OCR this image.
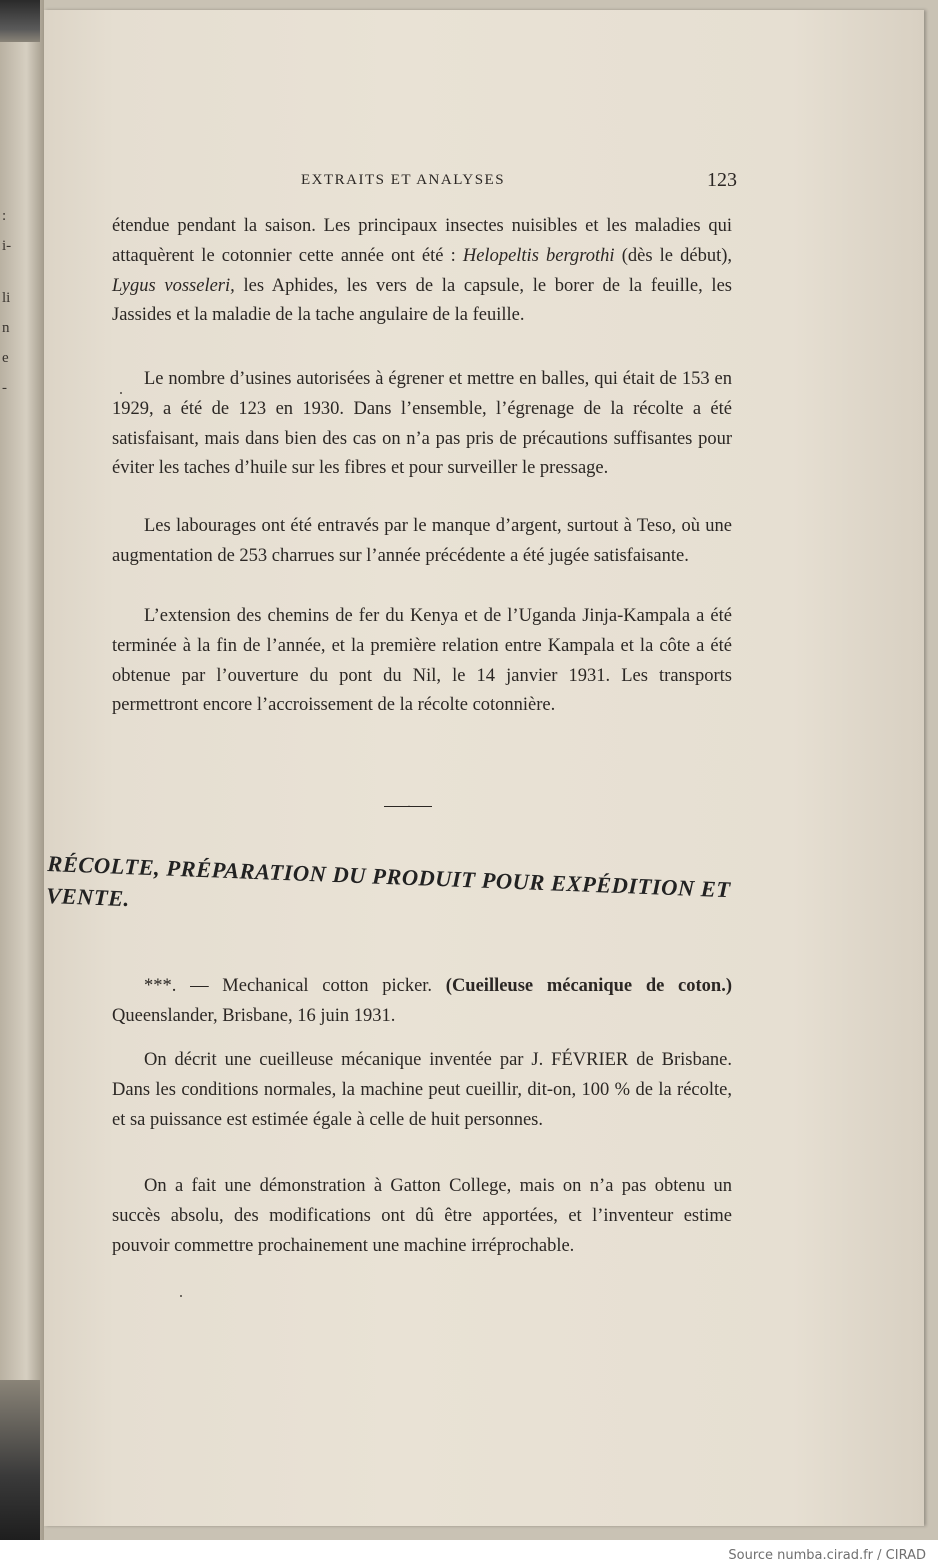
:
i-
li
n
e
-
EXTRAITS ET ANALYSES	123

étendue pendant la saison. Les principaux insectes nuisibles et les maladies qui attaquèrent le cotonnier cette année ont été : Helopeltis bergrothi (dès le début), Lygus vosseleri, les Aphides, les vers de la capsule, le borer de la feuille, les Jassides et la maladie de la tache angulaire de la feuille.

Le nombre d’usines autorisées à égrener et mettre en balles, qui était de 153 en 1929, a été de 123 en 1930. Dans l’ensemble, l’égrenage de la récolte a été satisfaisant, mais dans bien des cas on n’a pas pris de précautions suffisantes pour éviter les taches d’huile sur les fibres et pour surveiller le pressage.

Les labourages ont été entravés par le manque d’argent, surtout à Teso, où une augmentation de 253 charrues sur l’année précédente a été jugée satisfaisante.

L’extension des chemins de fer du Kenya et de l’Uganda Jinja-Kampala a été terminée à la fin de l’année, et la première relation entre Kampala et la côte a été obtenue par l’ouverture du pont du Nil, le 14 janvier 1931. Les transports permettront encore l’accroissement de la récolte cotonnière.

·
RÉCOLTE, PRÉPARATION DU PRODUIT POUR EXPÉDITION ET VENTE.

***. — Mechanical cotton picker. (Cueilleuse mécanique de coton.) Queenslander, Brisbane, 16 juin 1931.

On décrit une cueilleuse mécanique inventée par J. FÉVRIER de Brisbane. Dans les conditions normales, la machine peut cueillir, dit-on, 100 % de la récolte, et sa puissance est estimée égale à celle de huit personnes.

On a fait une démonstration à Gatton College, mais on n’a pas obtenu un succès absolu, des modifications ont dû être apportées, et l’inventeur estime pouvoir commettre prochainement une machine irréprochable.

Source numba.cirad.fr / CIRAD
